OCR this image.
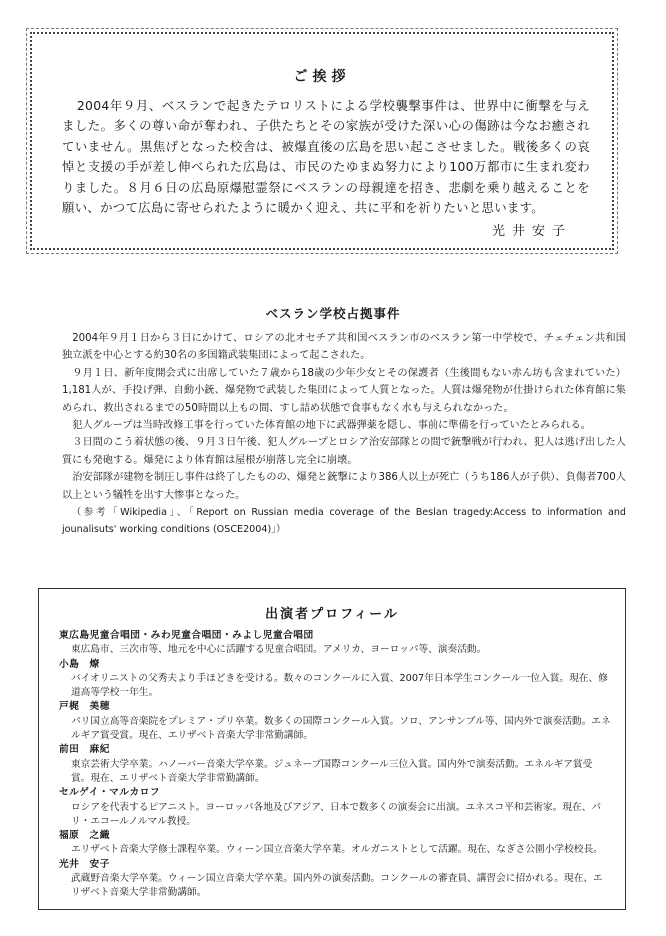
ご挨拶
2004年９月、ベスランで起きたテロリストによる学校襲撃事件は、世界中に衝撃を与えました。多くの尊い命が奪われ、子供たちとその家族が受けた深い心の傷跡は今なお癒されていません。黒焦げとなった校舎は、被爆直後の広島を思い起こさせました。戦後多くの哀悼と支援の手が差し伸べられた広島は、市民のたゆまぬ努力により100万都市に生まれ変わりました。８月６日の広島原爆慰霊祭にベスランの母親達を招き、悲劇を乗り越えることを願い、かつて広島に寄せられたように暖かく迎え、共に平和を祈りたいと思います。
光井安子
ベスラン学校占拠事件

2004年９月１日から３日にかけて、ロシアの北オセチア共和国ベスラン市のベスラン第一中学校で、チェチェン共和国独立派を中心とする約30名の多国籍武装集団によって起こされた。

９月１日、新年度開会式に出席していた７歳から18歳の少年少女とその保護者（生後間もない赤ん坊も含まれていた）1,181人が、手投げ弾、自動小銃、爆発物で武装した集団によって人質となった。人質は爆発物が仕掛けられた体育館に集められ、救出されるまでの50時間以上もの間、すし詰め状態で食事もなく水も与えられなかった。

犯人グループは当時改修工事を行っていた体育館の地下に武器弾薬を隠し、事前に準備を行っていたとみられる。

３日間のこう着状態の後、９月３日午後、犯人グループとロシア治安部隊との間で銃撃戦が行われ、犯人は逃げ出した人質にも発砲する。爆発により体育館は屋根が崩落し完全に崩壊。

治安部隊が建物を制圧し事件は終了したものの、爆発と銃撃により386人以上が死亡（うち186人が子供）、負傷者700人以上という犠牲を出す大惨事となった。

（参考「Wikipedia」、「Report on Russian media coverage of the Beslan tragedy:Access to information and jounalisuts' working conditions (OSCE2004)」）

出演者プロフィール
東広島児童合唱団・みわ児童合唱団・みよし児童合唱団
東広島市、三次市等、地元を中心に活躍する児童合唱団。アメリカ、ヨーロッパ等、演奏活動。
小島　燎
バイオリニストの父秀夫より手ほどきを受ける。数々のコンクールに入賞、2007年日本学生コンクール一位入賞。現在、修道高等学校一年生。
戸梶　美穂
パリ国立高等音楽院をプレミア・プリ卒業。数多くの国際コンクール入賞。ソロ、アンサンブル等、国内外で演奏活動。エネルギア賞受賞。現在、エリザベト音楽大学非常勤講師。
前田　麻紀
東京芸術大学卒業。ハノーバー音楽大学卒業。ジュネーブ国際コンクール三位入賞。国内外で演奏活動。エネルギア賞受賞。現在、エリザベト音楽大学非常勤講師。
セルゲイ・マルカロフ
ロシアを代表するピアニスト。ヨーロッパ各地及びアジア、日本で数多くの演奏会に出演。ユネスコ平和芸術家。現在、パリ・エコールノルマル教授。
福原　之織
エリザベト音楽大学修士課程卒業。ウィーン国立音楽大学卒業。オルガニストとして活躍。現在、なぎさ公園小学校校長。
光井　安子
武蔵野音楽大学卒業。ウィーン国立音楽大学卒業。国内外の演奏活動。コンクールの審査員、講習会に招かれる。現在、エリザベト音楽大学非常勤講師。
